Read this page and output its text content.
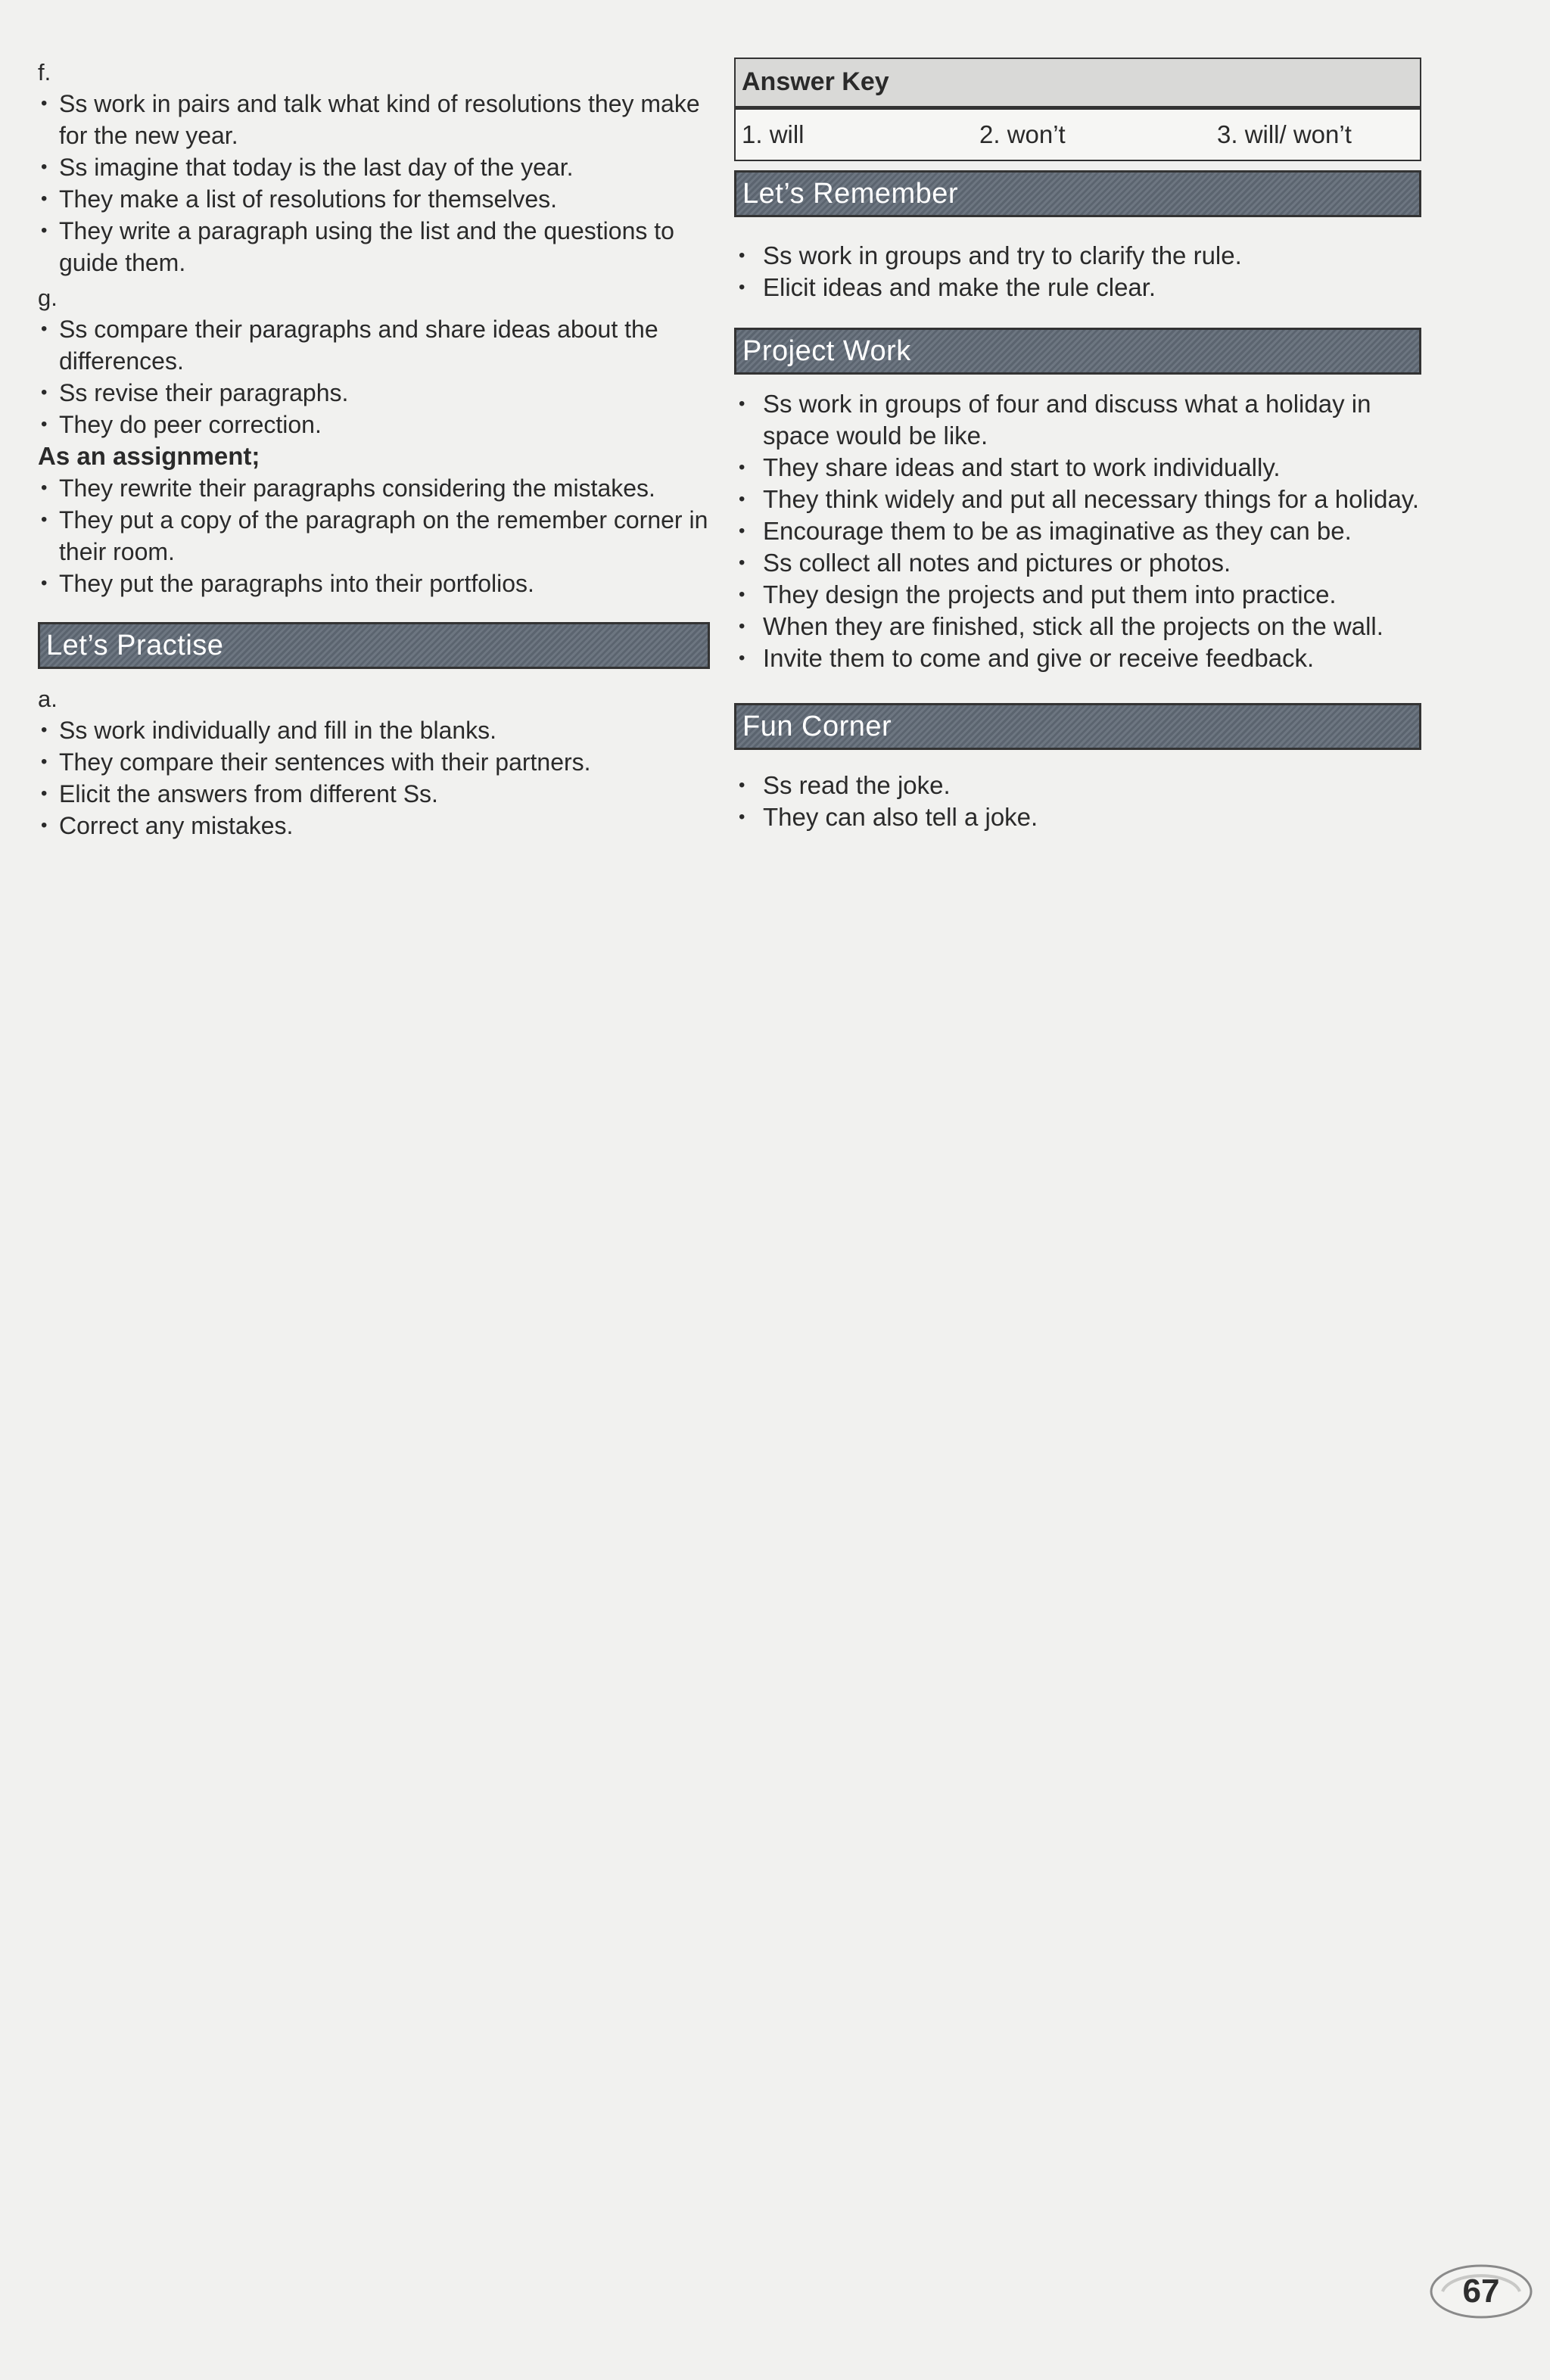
f.

• Ss work in pairs and talk what kind of resolutions they make for the new year.
• Ss imagine that today is the last day of the year.
• They make a list of resolutions for themselves.
• They write a paragraph using the list and the questions to guide them.

g.

• Ss compare their paragraphs and share ideas about the differences.
• Ss revise their paragraphs.
• They do peer correction.

As an assignment;

• They rewrite their paragraphs considering the mistakes.
• They put a copy of the paragraph on the remember corner in their room.
• They put the paragraphs into their portfolios.
Let’s Practise

a.

• Ss work individually and fill in the blanks.
• They compare their sentences with their partners.
• Elicit the answers from different Ss.
• Correct any mistakes.
Answer Key
1. will	2. won’t	3. will/ won’t
Let’s Remember
• Ss work in groups and try to clarify the rule.
• Elicit ideas and make the rule clear.
Project Work
• Ss work in groups of four and discuss what a holiday in space would be like.
• They share ideas and start to work individually.
• They think widely and put all necessary things for a holiday.
• Encourage them to be as imaginative as they can be.
• Ss collect all notes and pictures or photos.
• They design the projects and put them into practice.
• When they are finished, stick all the projects on the wall.
• Invite them to come and give or receive feedback.
Fun Corner
• Ss read the joke.
• They can also tell a joke.
67
